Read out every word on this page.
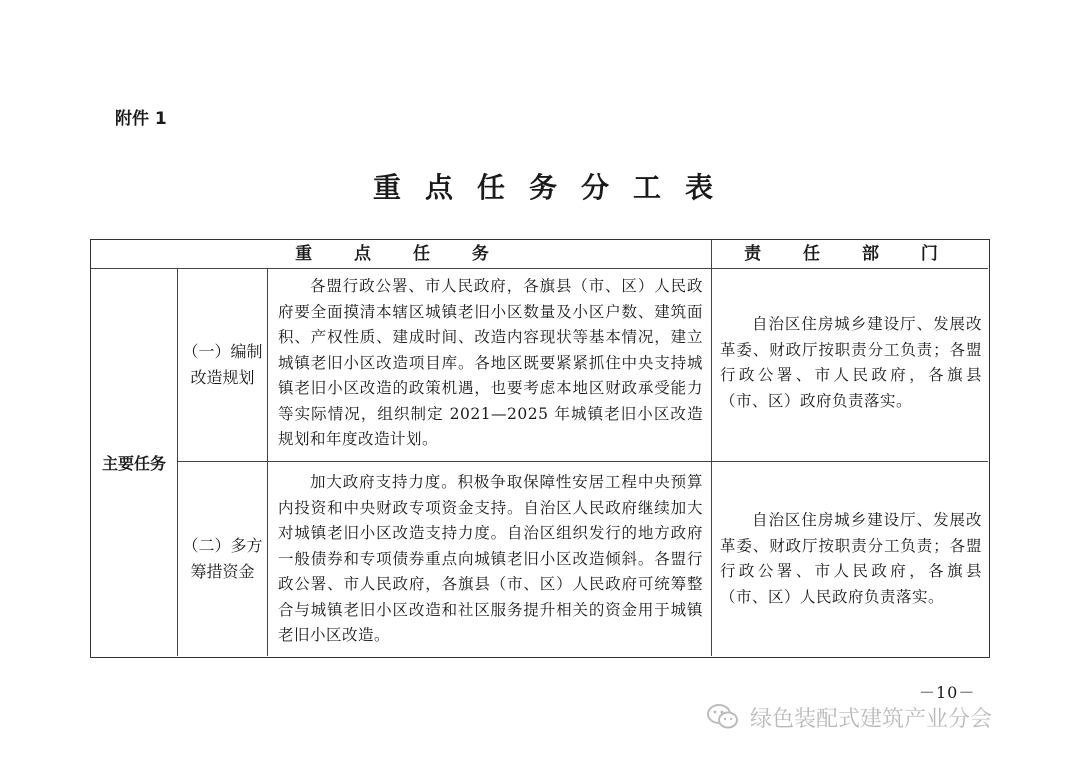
附件 1
重点任务分工表
重 点 任 务	责 任 部 门
主要任务
（一）编制改造规划
各盟行政公署、市人民政府，各旗县（市、区）人民政府要全面摸清本辖区城镇老旧小区数量及小区户数、建筑面积、产权性质、建成时间、改造内容现状等基本情况，建立城镇老旧小区改造项目库。各地区既要紧紧抓住中央支持城镇老旧小区改造的政策机遇，也要考虑本地区财政承受能力等实际情况，组织制定 2021—2025 年城镇老旧小区改造规划和年度改造计划。
自治区住房城乡建设厅、发展改革委、财政厅按职责分工负责；各盟行政公署、市人民政府，各旗县（市、区）政府负责落实。
（二）多方筹措资金
加大政府支持力度。积极争取保障性安居工程中央预算内投资和中央财政专项资金支持。自治区人民政府继续加大对城镇老旧小区改造支持力度。自治区组织发行的地方政府一般债券和专项债券重点向城镇老旧小区改造倾斜。各盟行政公署、市人民政府，各旗县（市、区）人民政府可统筹整合与城镇老旧小区改造和社区服务提升相关的资金用于城镇老旧小区改造。
自治区住房城乡建设厅、发展改革委、财政厅按职责分工负责；各盟行政公署、市人民政府，各旗县（市、区）人民政府负责落实。
－10－
绿色装配式建筑产业分会
